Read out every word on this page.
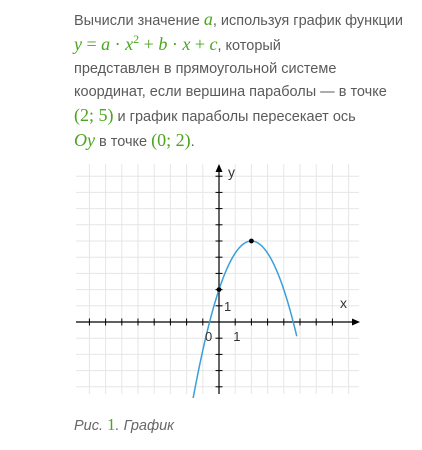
Вычисли значение a, используя график функции
$y = a \cdot x^2 + b \cdot x + c$, который
представлен в прямоугольной системе
координат, если вершина параболы — в точке
(2; 5) и график параболы пересекает ось
Oy в точке (0; 2).
y
x
0 1
1
Рис. 1. График
